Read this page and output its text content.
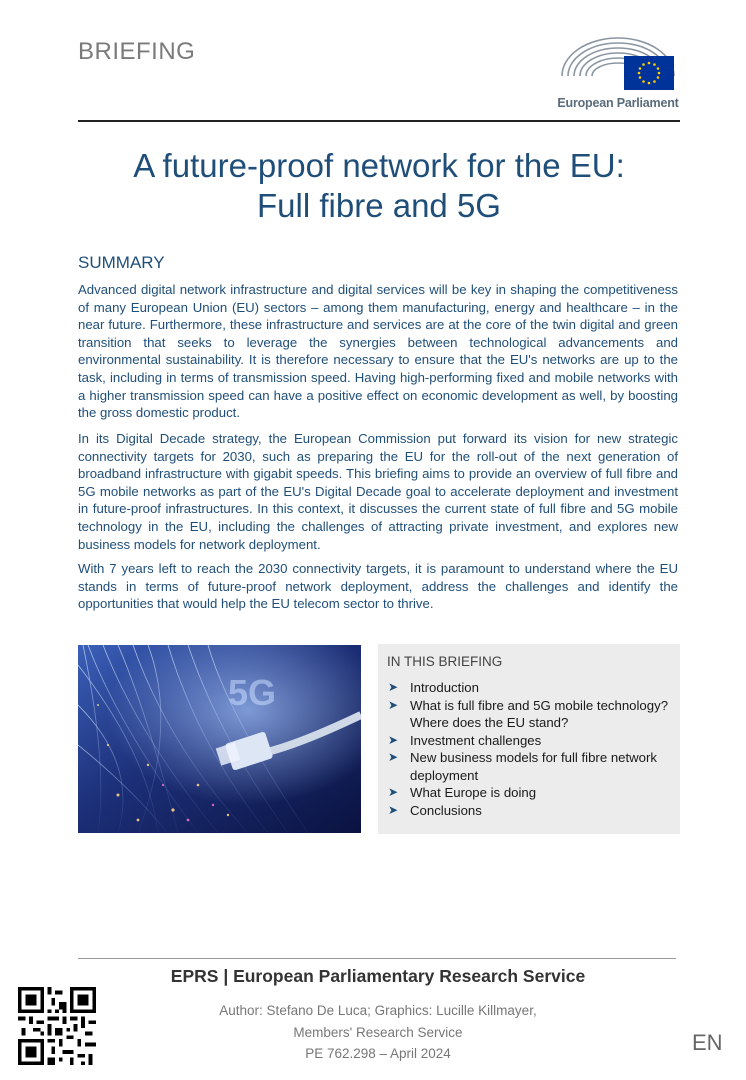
BRIEFING
European Parliament
A future-proof network for the EU:
Full fibre and 5G
SUMMARY

Advanced digital network infrastructure and digital services will be key in shaping the competitiveness of many European Union (EU) sectors – among them manufacturing, energy and healthcare – in the near future. Furthermore, these infrastructure and services are at the core of the twin digital and green transition that seeks to leverage the synergies between technological advancements and environmental sustainability. It is therefore necessary to ensure that the EU's networks are up to the task, including in terms of transmission speed. Having high-performing fixed and mobile networks with a higher transmission speed can have a positive effect on economic development as well, by boosting the gross domestic product.

In its Digital Decade strategy, the European Commission put forward its vision for new strategic connectivity targets for 2030, such as preparing the EU for the roll-out of the next generation of broadband infrastructure with gigabit speeds. This briefing aims to provide an overview of full fibre and 5G mobile networks as part of the EU's Digital Decade goal to accelerate deployment and investment in future-proof infrastructures. In this context, it discusses the current state of full fibre and 5G mobile technology in the EU, including the challenges of attracting private investment, and explores new business models for network deployment.

With 7 years left to reach the 2030 connectivity targets, it is paramount to understand where the EU stands in terms of future-proof network deployment, address the challenges and identify the opportunities that would help the EU telecom sector to thrive.

5G
IN THIS BRIEFING
➤ Introduction
➤ What is full fibre and 5G mobile technology? Where does the EU stand?
➤ Investment challenges
➤ New business models for full fibre network deployment
➤ What Europe is doing
➤ Conclusions
EPRS | European Parliamentary Research Service
Author: Stefano De Luca; Graphics: Lucille Killmayer,
Members' Research Service
PE 762.298 – April 2024	EN
